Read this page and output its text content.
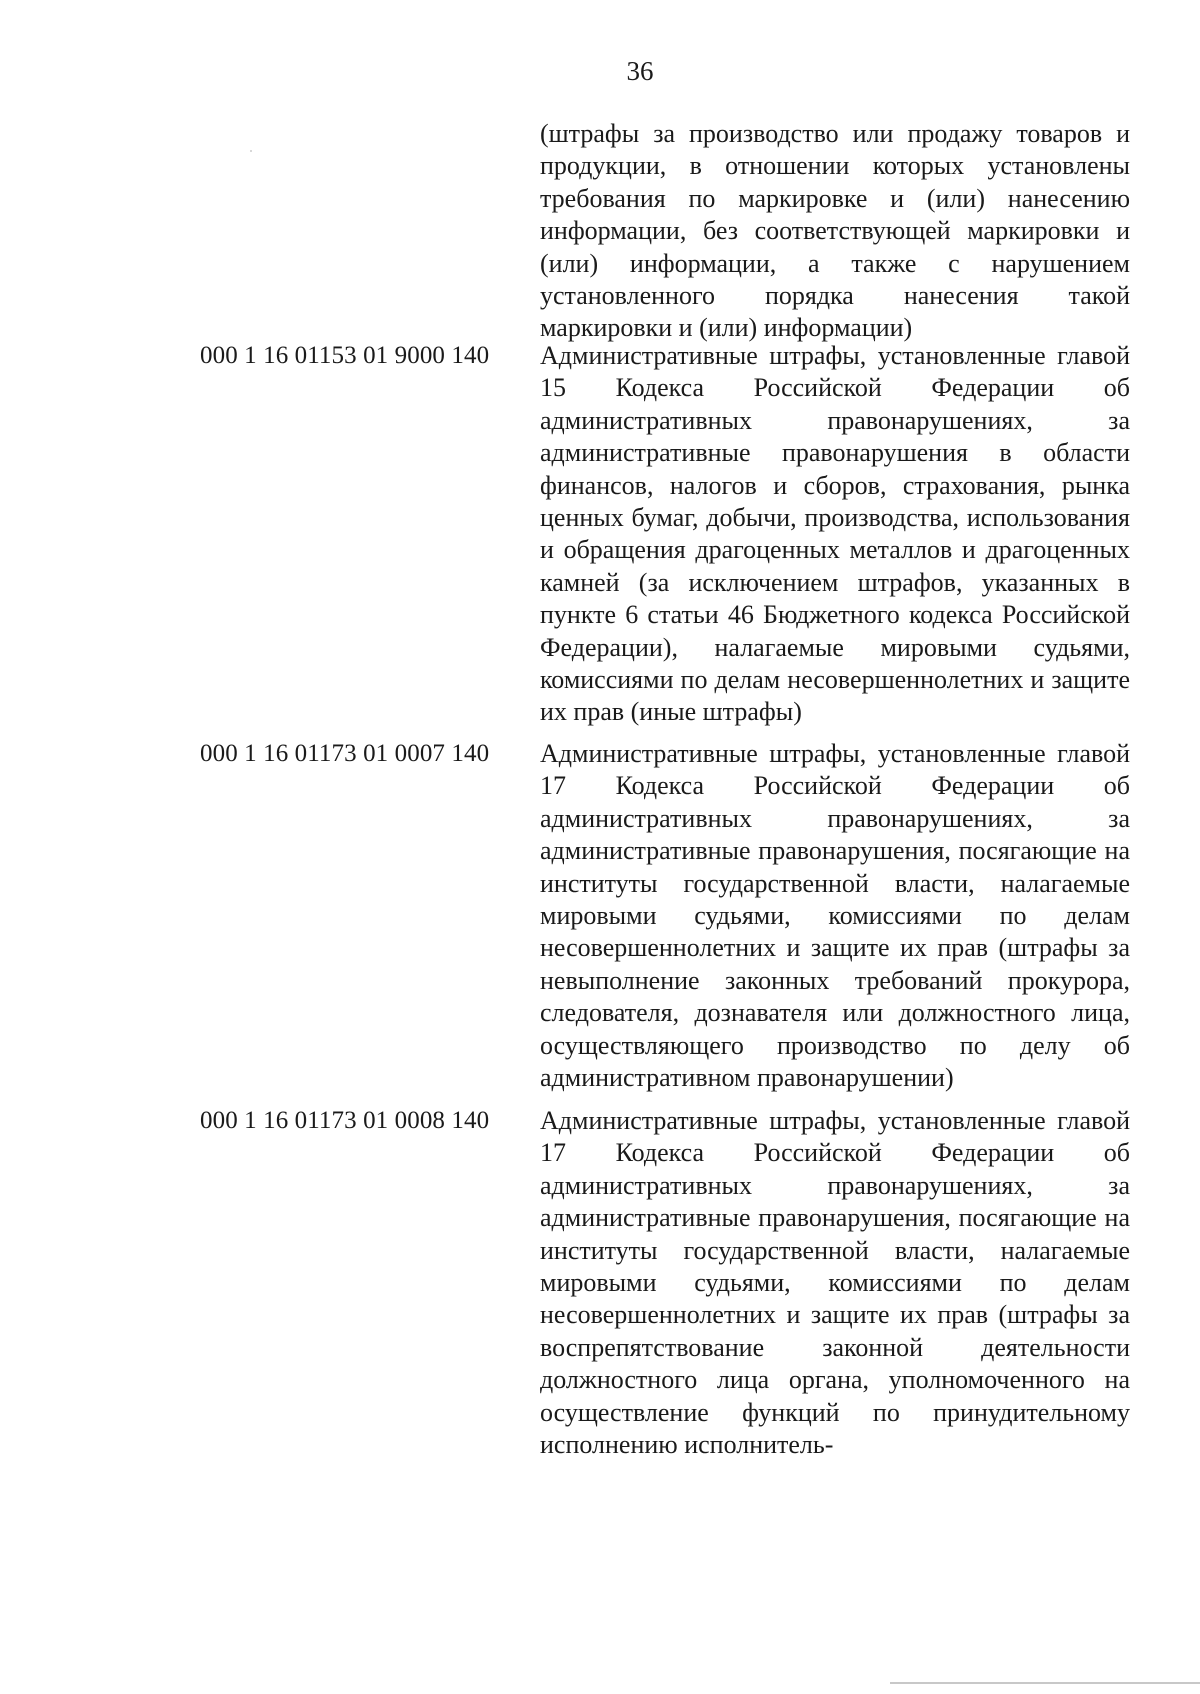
36
(штрафы за производство или продажу товаров и продукции, в отношении которых установлены требования по маркировке и (или) нанесению информации, без соответствующей маркировки и (или) информации, а также с нарушением установленного порядка нанесения такой маркировки и (или) информации)
000 1 16 01153 01 9000 140 Административные штрафы, установленные главой 15 Кодекса Российской Федерации об административных правонарушениях, за административные правонарушения в области финансов, налогов и сборов, страхования, рынка ценных бумаг, добычи, производства, использования и обращения драгоценных металлов и драгоценных камней (за исключением штрафов, указанных в пункте 6 статьи 46 Бюджетного кодекса Российской Федерации), налагаемые мировыми судьями, комиссиями по делам несовершеннолетних и защите их прав (иные штрафы)
000 1 16 01173 01 0007 140 Административные штрафы, установленные главой 17 Кодекса Российской Федерации об административных правонарушениях, за административные правонарушения, посягающие на институты государственной власти, налагаемые мировыми судьями, комиссиями по делам несовершеннолетних и защите их прав (штрафы за невыполнение законных требований прокурора, следователя, дознавателя или должностного лица, осуществляющего производство по делу об административном правонарушении)
000 1 16 01173 01 0008 140 Административные штрафы, установленные главой 17 Кодекса Российской Федерации об административных правонарушениях, за административные правонарушения, посягающие на институты государственной власти, налагаемые мировыми судьями, комиссиями по делам несовершеннолетних и защите их прав (штрафы за воспрепятствование законной деятельности должностного лица органа, уполномоченного на осуществление функций по принудительному исполнению исполнитель-
